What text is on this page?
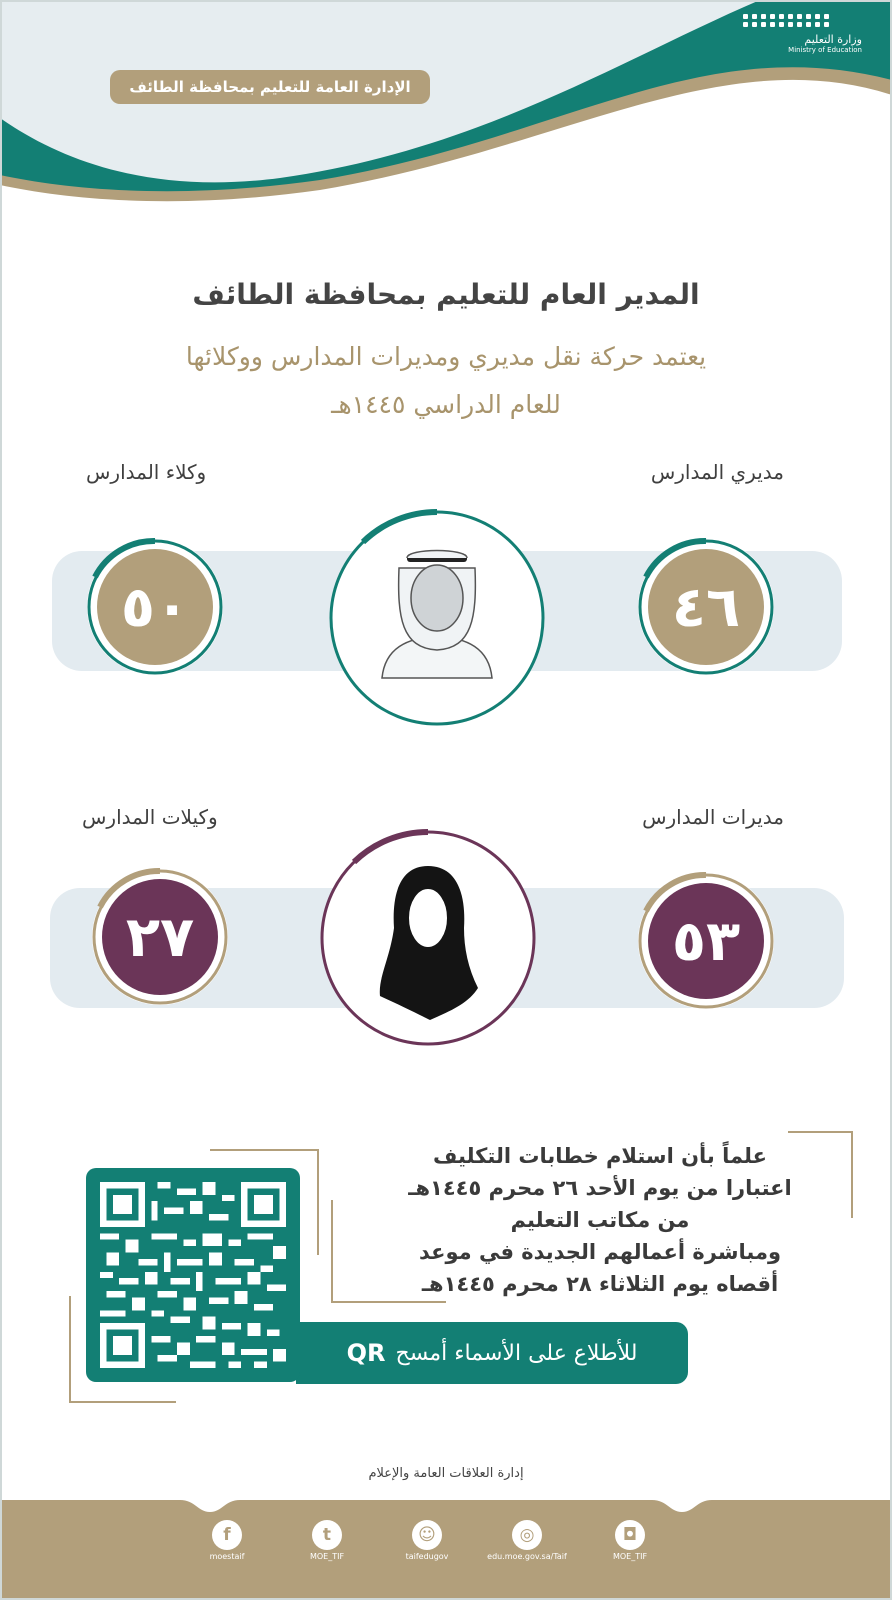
وزارة التعليم
Ministry of Education
الإدارة العامة للتعليم بمحافظة الطائف
المدير العام للتعليم بمحافظة الطائف
يعتمد حركة نقل مديري ومديرات المدارس ووكلائها
للعام الدراسي ١٤٤٥هـ
مديري المدارس
وكلاء المدارس
٥٠	٤٦
مديرات المدارس
وكيلات المدارس
٢٧	٥٣
علماً بأن استلام خطابات التكليف
اعتبارا من يوم الأحد ٢٦ محرم ١٤٤٥هـ
من مكاتب التعليم
ومباشرة أعمالهم الجديدة في موعد
أقصاه يوم الثلاثاء ٢٨ محرم ١٤٤٥هـ
للأطلاع على الأسماء أمسح
QR
إدارة العلاقات العامة والإعلام
f
moestaif
t
MOE_TIF
☺
taifedugov
◎
edu.moe.gov.sa/Taif
◘
MOE_TIF
